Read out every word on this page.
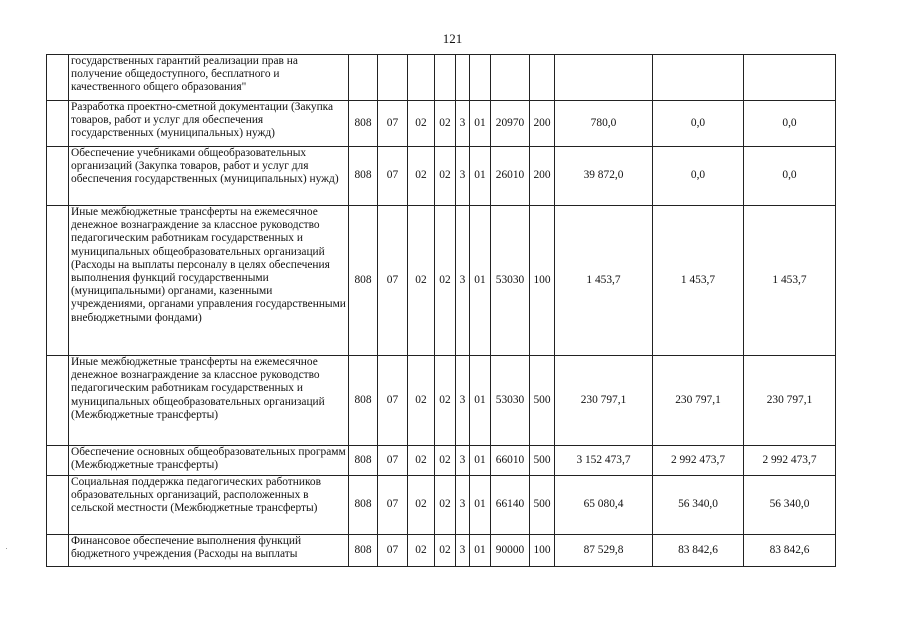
121
	государственных гарантий реализации прав на получение общедоступного, бесплатного и качественного общего образования"											
	Разработка проектно-сметной документации (Закупка товаров, работ и услуг для обеспечения государственных (муниципальных) нужд)	808	07	02	02	3	01	20970	200	780,0	0,0	0,0
	Обеспечение учебниками общеобразовательных организаций (Закупка товаров, работ и услуг для обеспечения государственных (муниципальных) нужд)	808	07	02	02	3	01	26010	200	39 872,0	0,0	0,0
	Иные межбюджетные трансферты на ежемесячное денежное вознаграждение за классное руководство педагогическим работникам государственных и муниципальных общеобразовательных организаций (Расходы на выплаты персоналу в целях обеспечения выполнения функций государственными (муниципальными) органами, казенными учреждениями, органами управления государственными внебюджетными фондами)	808	07	02	02	3	01	53030	100	1 453,7	1 453,7	1 453,7
	Иные межбюджетные трансферты на ежемесячное денежное вознаграждение за классное руководство педагогическим работникам государственных и муниципальных общеобразовательных организаций (Межбюджетные трансферты)	808	07	02	02	3	01	53030	500	230 797,1	230 797,1	230 797,1
	Обеспечение основных общеобразовательных программ (Межбюджетные трансферты)	808	07	02	02	3	01	66010	500	3 152 473,7	2 992 473,7	2 992 473,7
	Социальная поддержка педагогических работников образовательных организаций, расположенных в сельской местности (Межбюджетные трансферты)	808	07	02	02	3	01	66140	500	65 080,4	56 340,0	56 340,0
	Финансовое обеспечение выполнения функций бюджетного учреждения (Расходы на выплаты	808	07	02	02	3	01	90000	100	87 529,8	83 842,6	83 842,6
